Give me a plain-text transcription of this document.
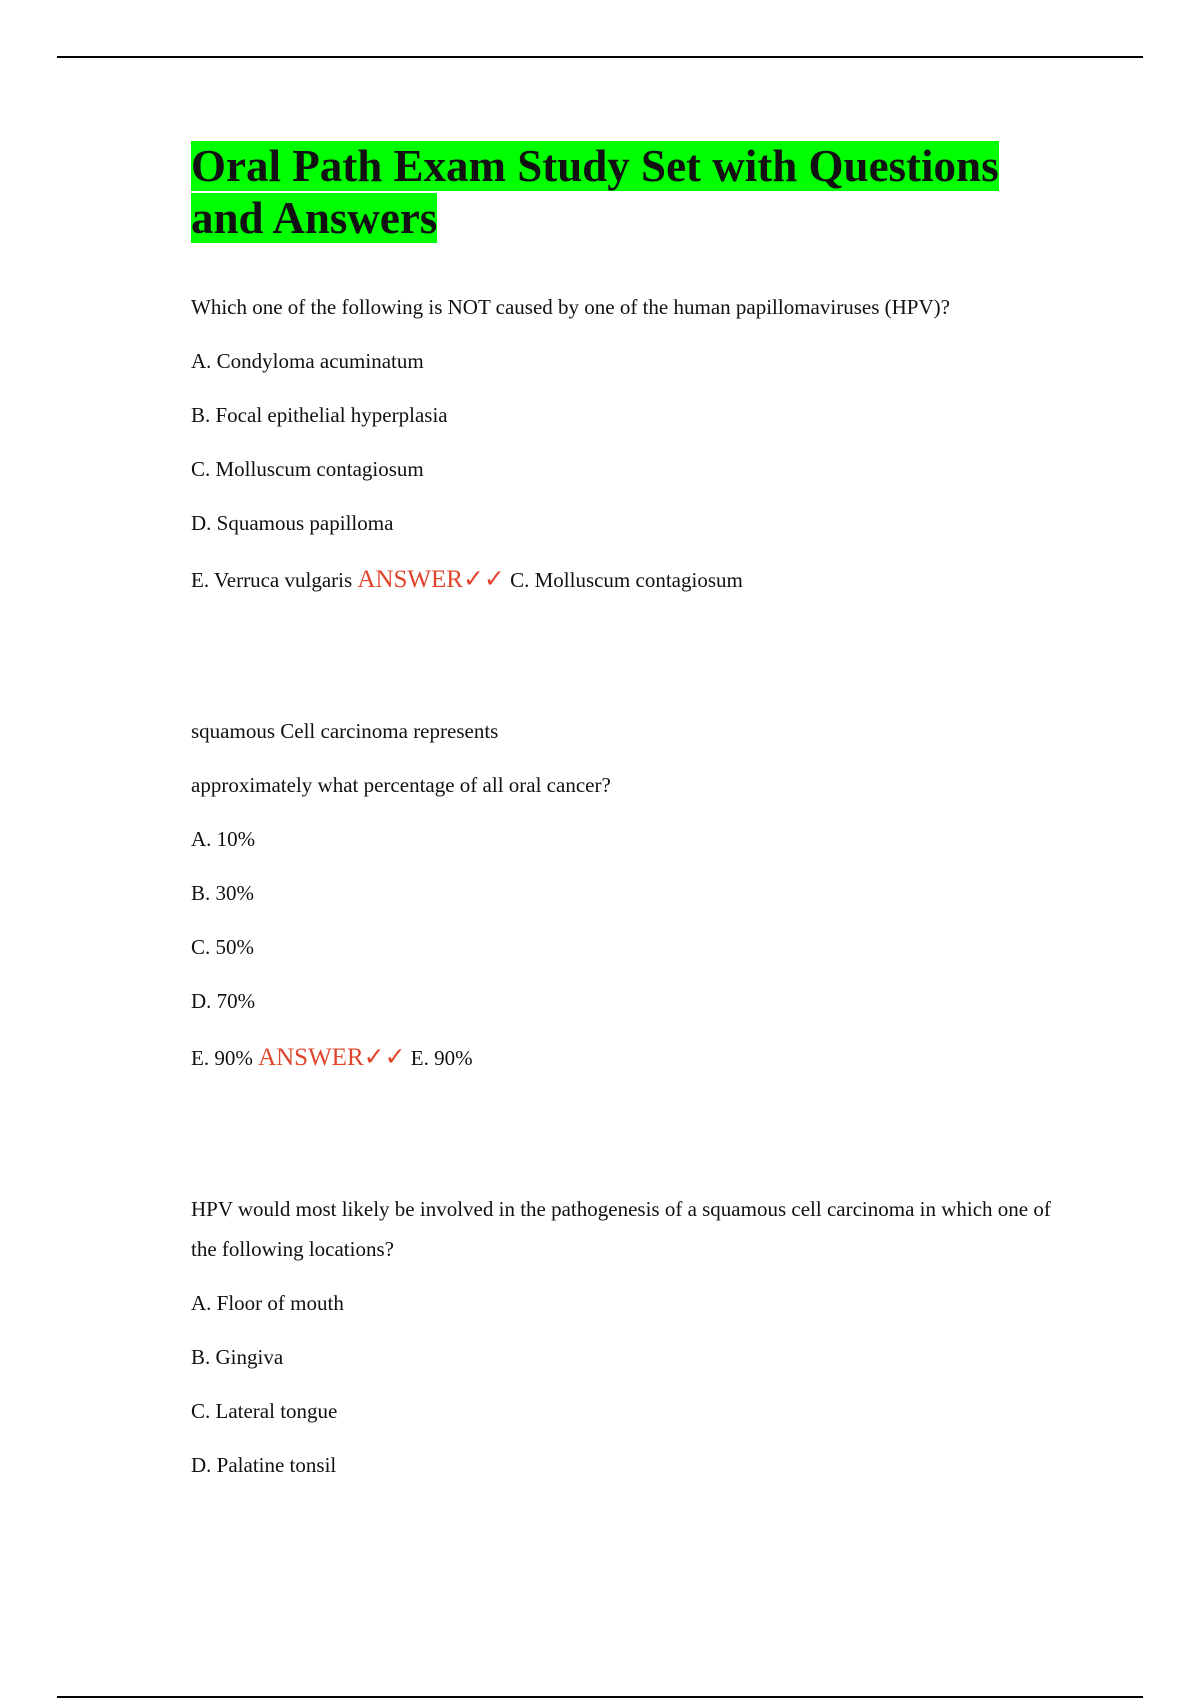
Oral Path Exam Study Set with Questions and Answers

Which one of the following is NOT caused by one of the human papillomaviruses (HPV)?

A. Condyloma acuminatum

B. Focal epithelial hyperplasia

C. Molluscum contagiosum

D. Squamous papilloma

E. Verruca vulgaris ANSWER✓✓ C. Molluscum contagiosum

squamous Cell carcinoma represents

approximately what percentage of all oral cancer?

A. 10%

B. 30%

C. 50%

D. 70%

E. 90% ANSWER✓✓ E. 90%

HPV would most likely be involved in the pathogenesis of a squamous cell carcinoma in which one of the following locations?

A. Floor of mouth

B. Gingiva

C. Lateral tongue

D. Palatine tonsil
